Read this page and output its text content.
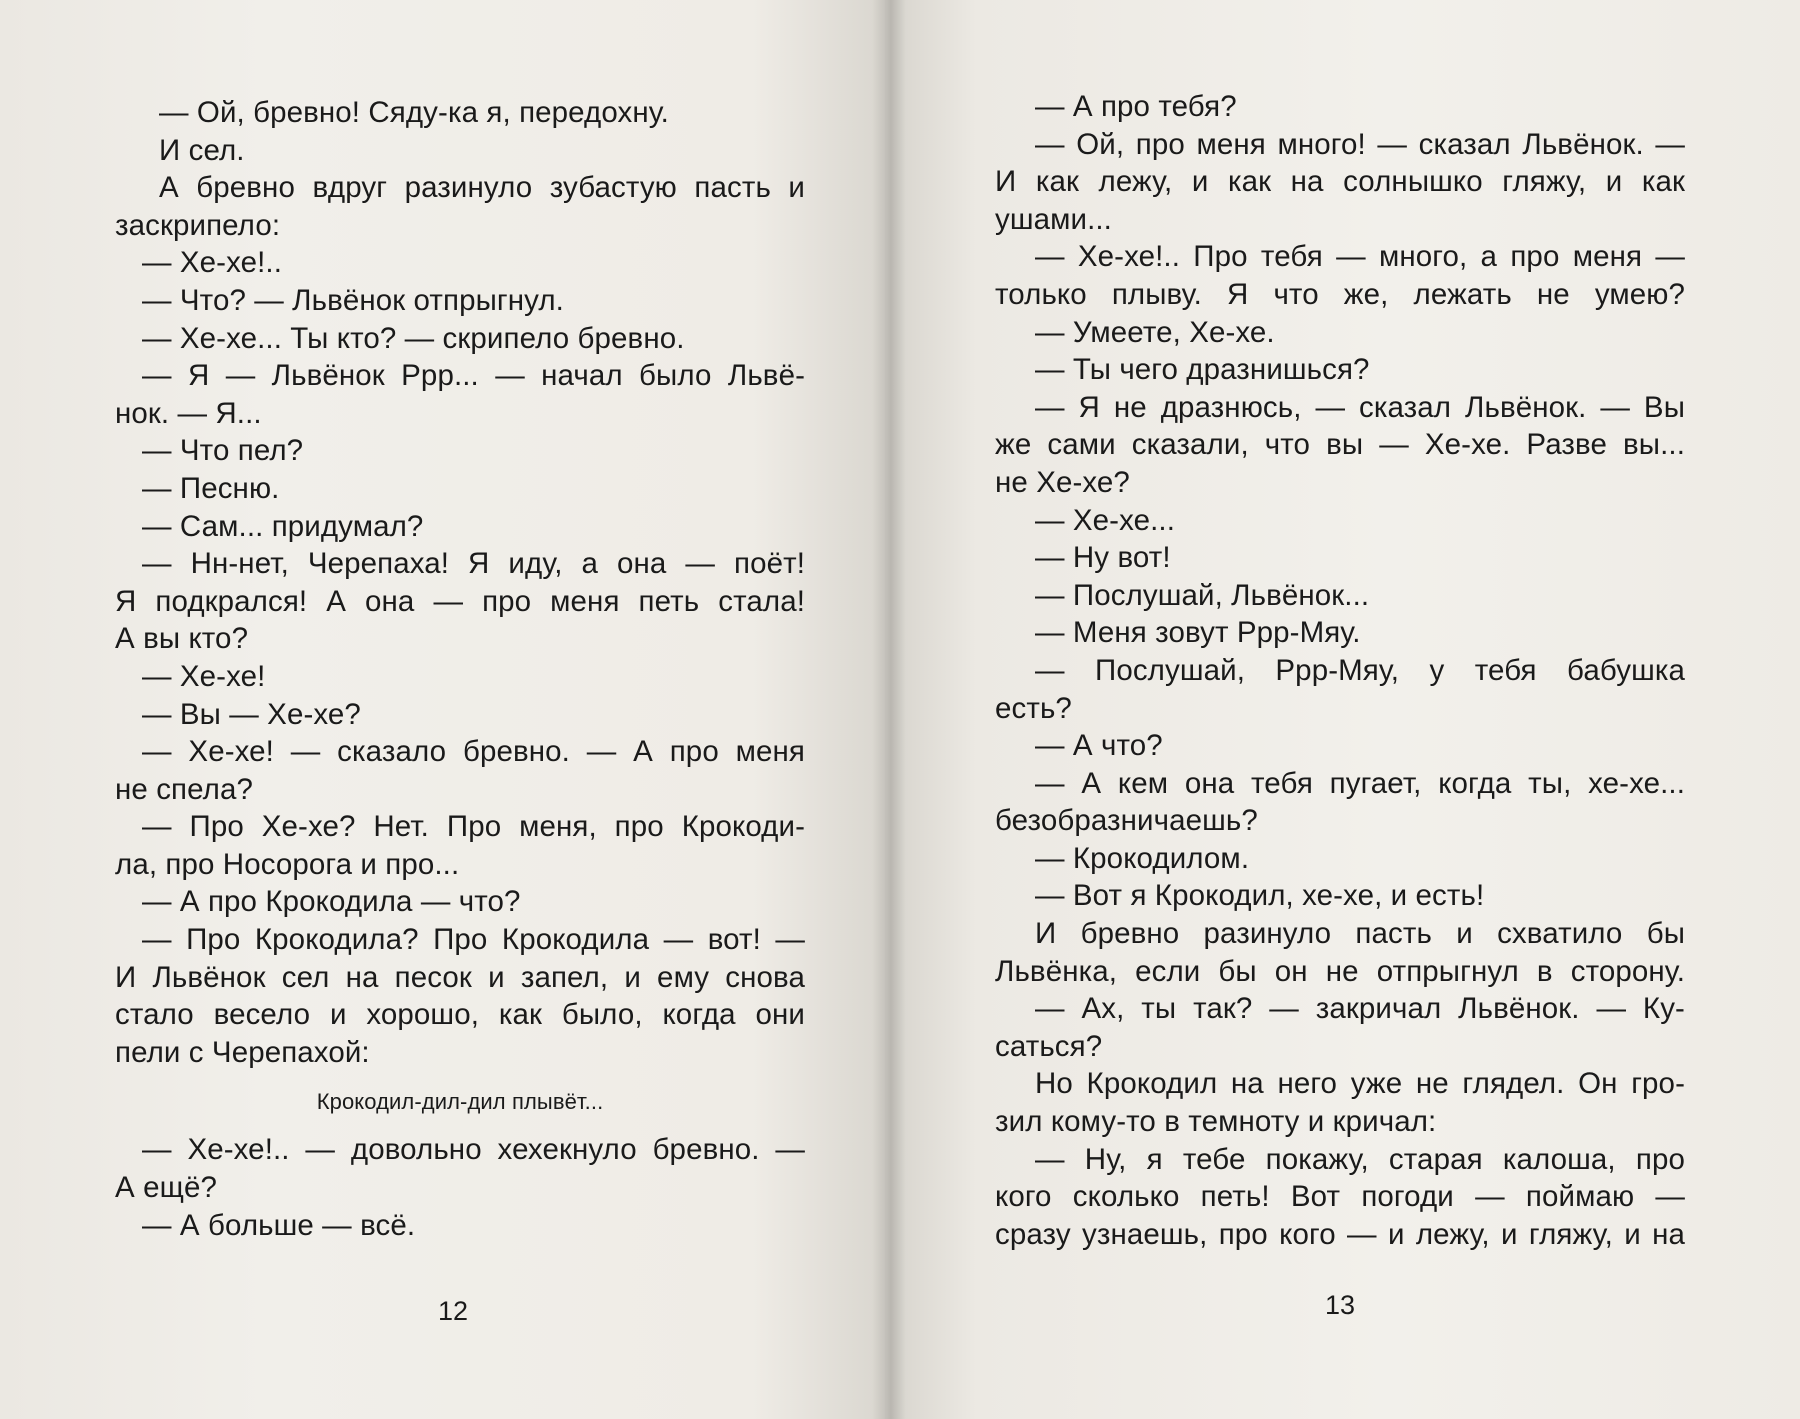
— Ой, бревно! Сяду-ка я, передохну.
И сел.
А бревно вдруг разинуло зубастую пасть и
заскрипело:
— Хе-хе!..
— Что? — Львёнок отпрыгнул.
— Хе-хе... Ты кто? — скрипело бревно.
— Я — Львёнок Ррр... — начал было Львё-
нок. — Я...
— Что пел?
— Песню.
— Сам... придумал?
— Нн-нет, Черепаха! Я иду, а она — поёт!
Я подкрался! А она — про меня петь стала!
А вы кто?
— Хе-хе!
— Вы — Хе-хе?
— Хе-хе! — сказало бревно. — А про меня
не спела?
— Про Хе-хе? Нет. Про меня, про Крокоди-
ла, про Носорога и про...
— А про Крокодила — что?
— Про Крокодила? Про Крокодила — вот! —
И Львёнок сел на песок и запел, и ему снова
стало весело и хорошо, как было, когда они
пели с Черепахой:
Крокодил-дил-дил плывёт...
— Хе-хе!.. — довольно хехекнуло бревно. —
А ещё?
— А больше — всё.
12
— А про тебя?
— Ой, про меня много! — сказал Львёнок. —
И как лежу, и как на солнышко гляжу, и как
ушами...
— Хе-хе!.. Про тебя — много, а про меня —
только плыву. Я что же, лежать не умею?
— Умеете, Хе-хе.
— Ты чего дразнишься?
— Я не дразнюсь, — сказал Львёнок. — Вы
же сами сказали, что вы — Хе-хе. Разве вы...
не Хе-хе?
— Хе-хе...
— Ну вот!
— Послушай, Львёнок...
— Меня зовут Ррр-Мяу.
— Послушай, Ррр-Мяу, у тебя бабушка
есть?
— А что?
— А кем она тебя пугает, когда ты, хе-хе...
безобразничаешь?
— Крокодилом.
— Вот я Крокодил, хе-хе, и есть!
И бревно разинуло пасть и схватило бы
Львёнка, если бы он не отпрыгнул в сторону.
— Ах, ты так? — закричал Львёнок. — Ку-
саться?
Но Крокодил на него уже не глядел. Он гро-
зил кому-то в темноту и кричал:
— Ну, я тебе покажу, старая калоша, про
кого сколько петь! Вот погоди — поймаю —
сразу узнаешь, про кого — и лежу, и гляжу, и на
13
